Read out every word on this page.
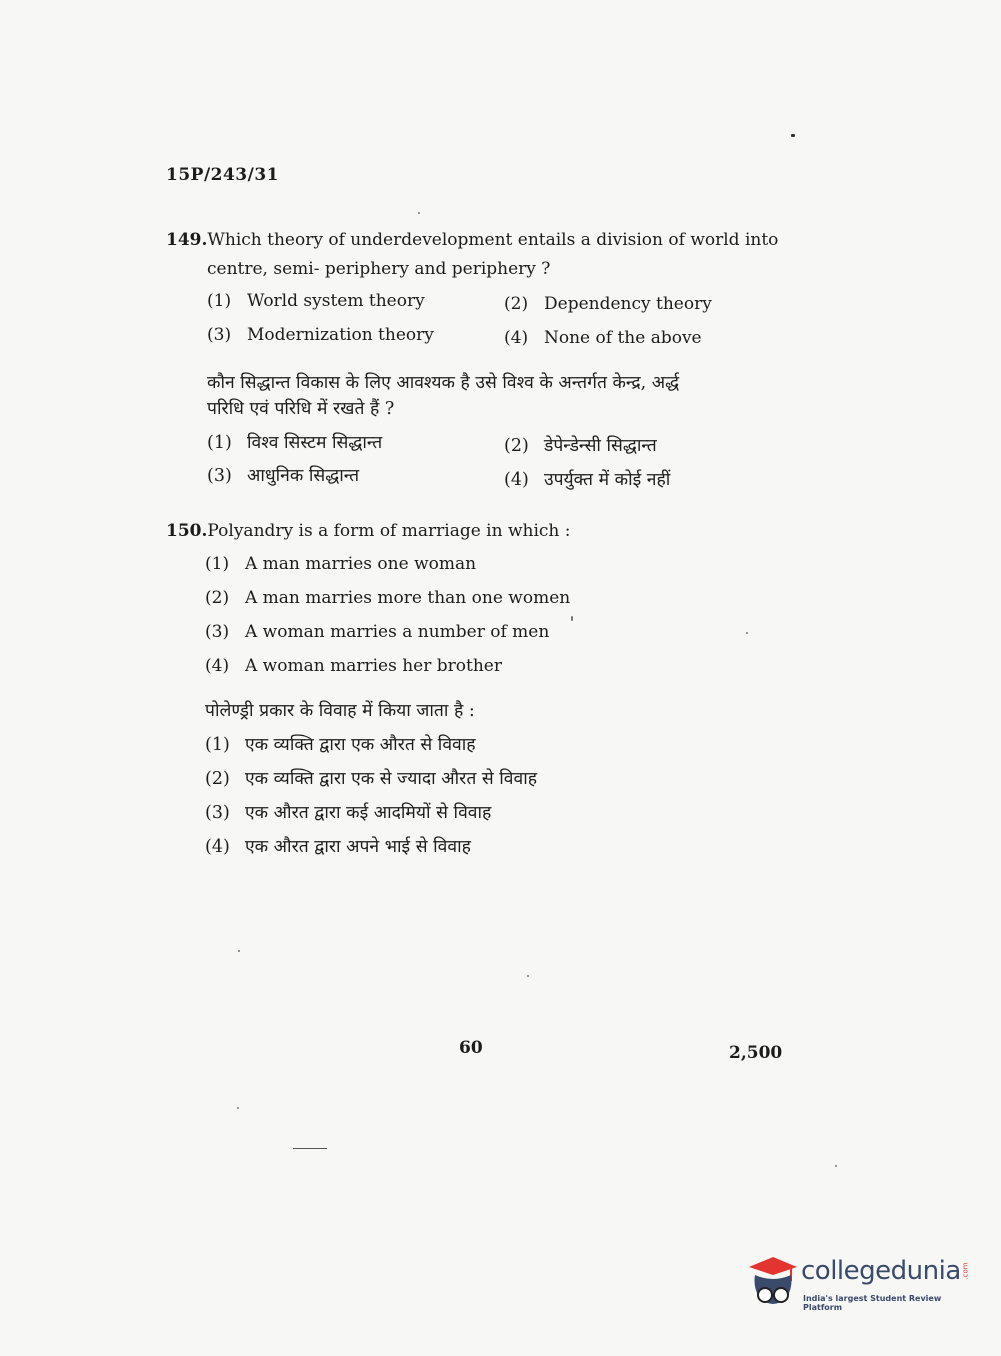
15P/243/31
149.Which theory of underdevelopment entails a division of world into
centre, semi- periphery and periphery ?
(1) World system theory	(2) Dependency theory
(3) Modernization theory	(4) None of the above
कौन सिद्धान्त विकास के लिए आवश्यक है उसे विश्व के अन्तर्गत केन्द्र, अर्द्ध
परिधि एवं परिधि में रखते हैं ?
(1) विश्व सिस्टम सिद्धान्त	(2) डेपेन्डेन्सी सिद्धान्त
(3) आधुनिक सिद्धान्त	(4) उपर्युक्त में कोई नहीं
150.Polyandry is a form of marriage in which :
(1) A man marries one woman
(2) A man marries more than one women
(3) A woman marries a number of men
(4) A woman marries her brother
पोलेण्ड्री प्रकार के विवाह में किया जाता है :
(1) एक व्यक्ति द्वारा एक औरत से विवाह
(2) एक व्यक्ति द्वारा एक से ज्यादा औरत से विवाह
(3) एक औरत द्वारा कई आदमियों से विवाह
(4) एक औरत द्वारा अपने भाई से विवाह
60	2,500
collegedunia .com
India's largest Student Review Platform
